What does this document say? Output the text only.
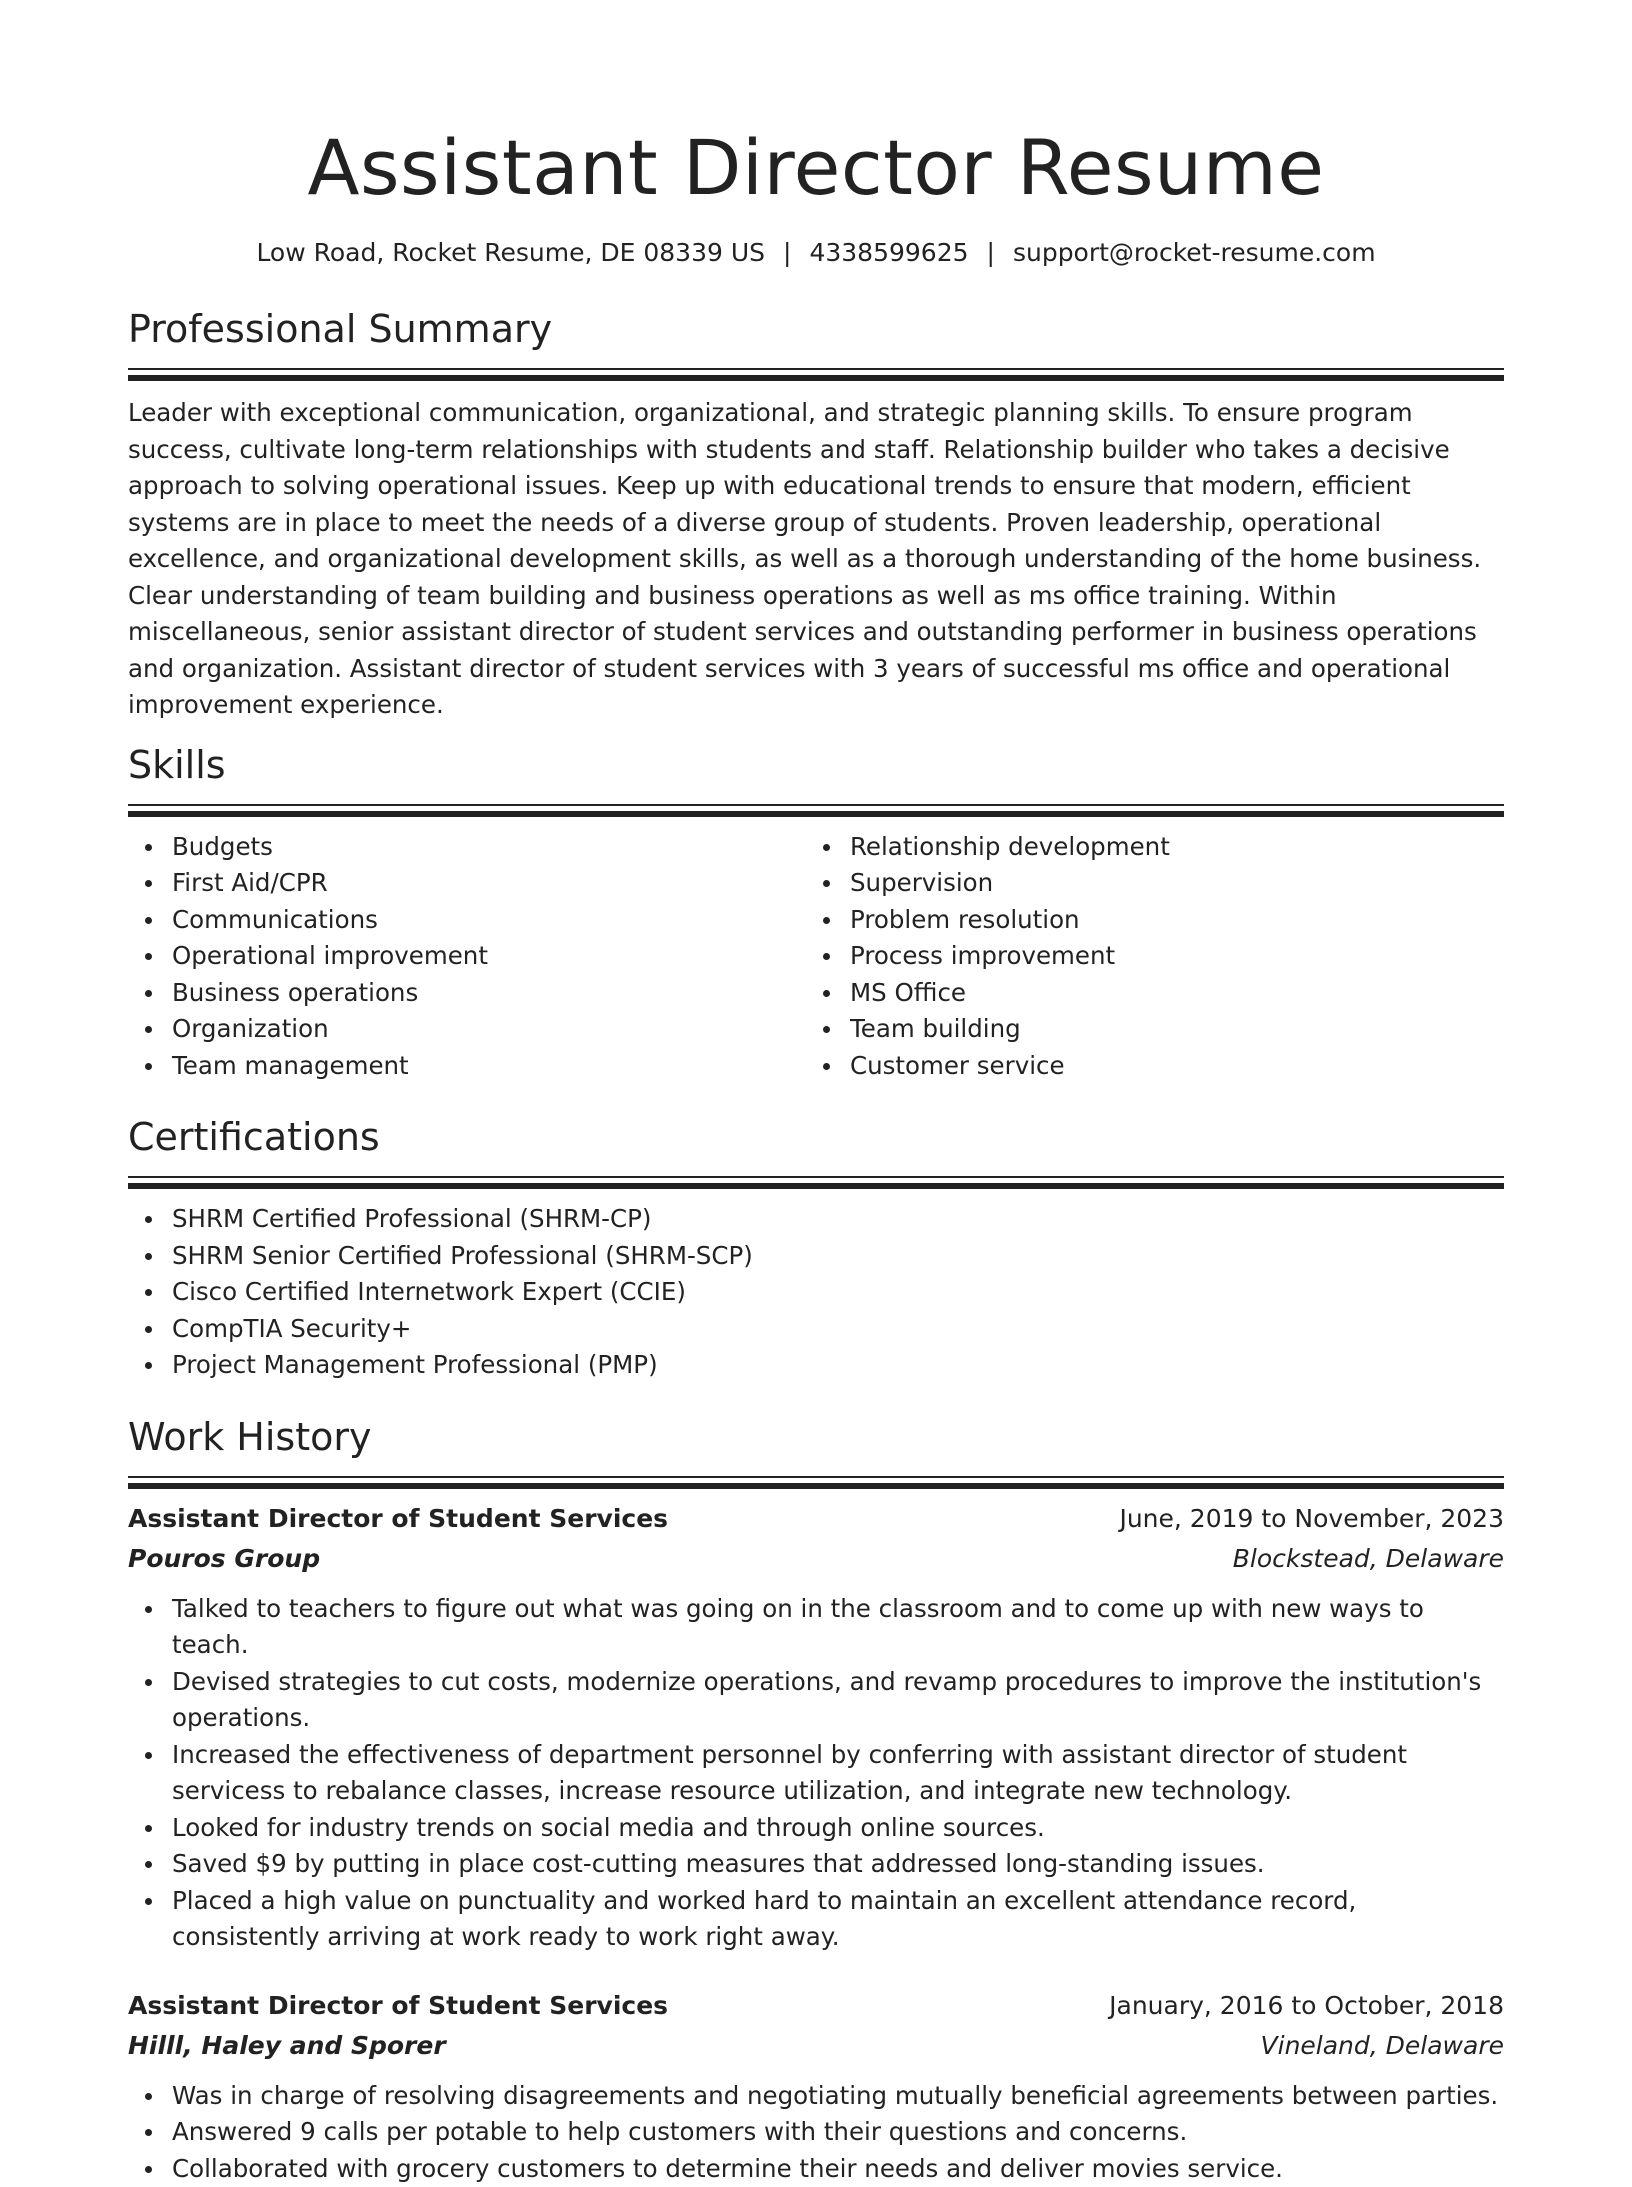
Assistant Director Resume
Low Road, Rocket Resume, DE 08339 US | 4338599625 | support@rocket-resume.com
Professional Summary

Leader with exceptional communication, organizational, and strategic planning skills. To ensure program success, cultivate long-term relationships with students and staff. Relationship builder who takes a decisive approach to solving operational issues. Keep up with educational trends to ensure that modern, efficient systems are in place to meet the needs of a diverse group of students. Proven leadership, operational excellence, and organizational development skills, as well as a thorough understanding of the home business. Clear understanding of team building and business operations as well as ms office training. Within miscellaneous, senior assistant director of student services and outstanding performer in business operations and organization. Assistant director of student services with 3 years of successful ms office and operational improvement experience.

Skills
Budgets
First Aid/CPR
Communications
Operational improvement
Business operations
Organization
Team management
Relationship development
Supervision
Problem resolution
Process improvement
MS Office
Team building
Customer service
Certifications
SHRM Certified Professional (SHRM-CP)
SHRM Senior Certified Professional (SHRM-SCP)
Cisco Certified Internetwork Expert (CCIE)
CompTIA Security+
Project Management Professional (PMP)
Work History
Assistant Director of Student Services	June, 2019 to November, 2023
Pouros Group	Blockstead, Delaware
Talked to teachers to figure out what was going on in the classroom and to come up with new ways to teach.
Devised strategies to cut costs, modernize operations, and revamp procedures to improve the institution's operations.
Increased the effectiveness of department personnel by conferring with assistant director of student servicess to rebalance classes, increase resource utilization, and integrate new technology.
Looked for industry trends on social media and through online sources.
Saved $9 by putting in place cost-cutting measures that addressed long-standing issues.
Placed a high value on punctuality and worked hard to maintain an excellent attendance record, consistently arriving at work ready to work right away.
Assistant Director of Student Services	January, 2016 to October, 2018
Hilll, Haley and Sporer	Vineland, Delaware
Was in charge of resolving disagreements and negotiating mutually beneficial agreements between parties.
Answered 9 calls per potable to help customers with their questions and concerns.
Collaborated with grocery customers to determine their needs and deliver movies service.
